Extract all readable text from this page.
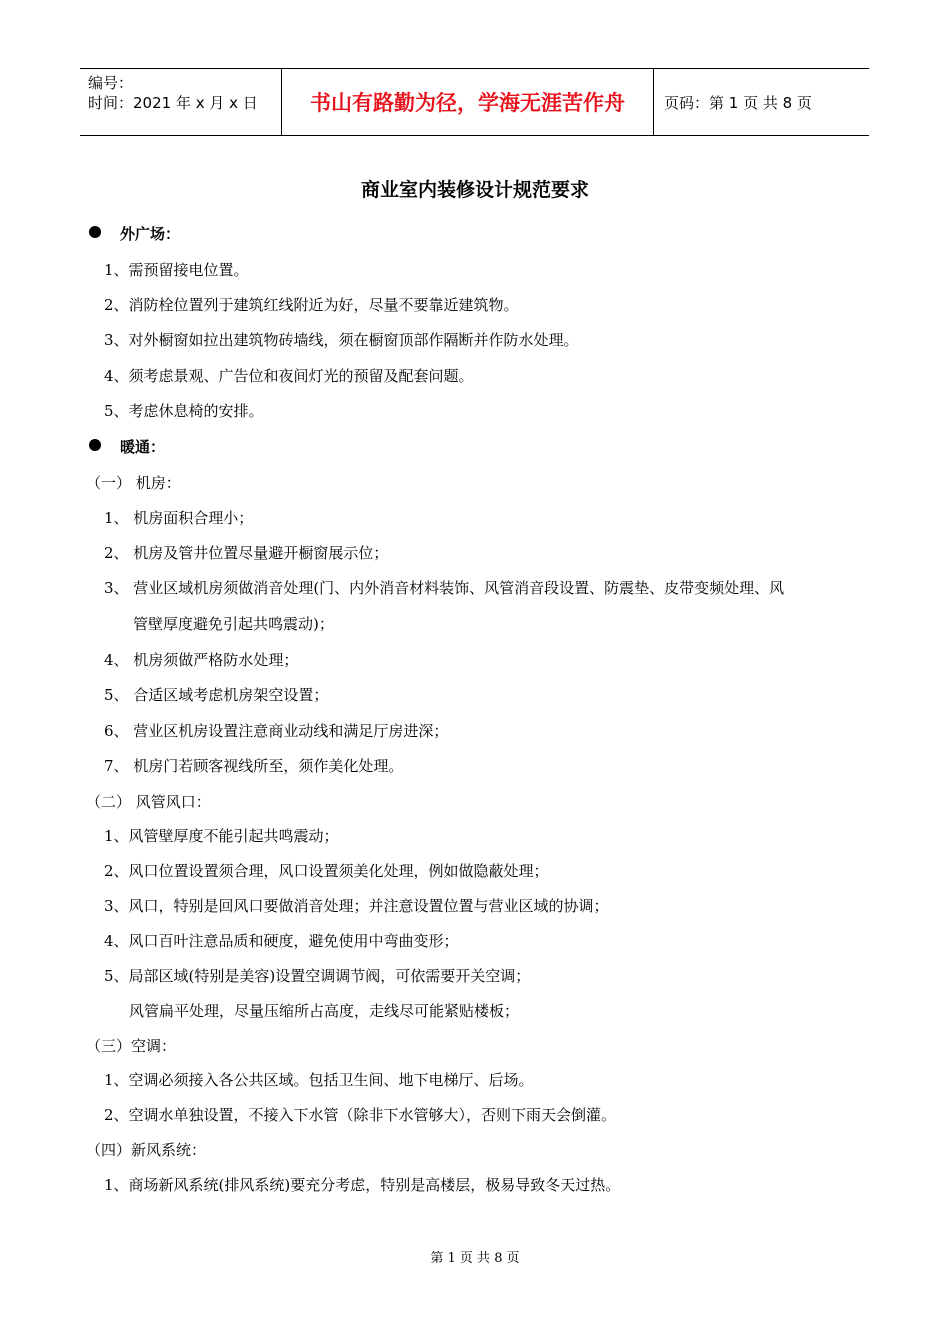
编号：
时间：2021 年 x 月 x 日	书山有路勤为径，学海无涯苦作舟	页码：第 1 页 共 8 页
商业室内装修设计规范要求
外广场：
1、需预留接电位置。
2、消防栓位置列于建筑红线附近为好，尽量不要靠近建筑物。
3、对外橱窗如拉出建筑物砖墙线，须在橱窗顶部作隔断并作防水处理。
4、须考虑景观、广告位和夜间灯光的预留及配套问题。
5、考虑休息椅的安排。
暖通：
（一） 机房：
1、 机房面积合理小；
2、 机房及管井位置尽量避开橱窗展示位；
3、 营业区域机房须做消音处理(门、内外消音材料装饰、风管消音段设置、防震垫、皮带变频处理、风
管壁厚度避免引起共鸣震动)；
4、 机房须做严格防水处理；
5、 合适区域考虑机房架空设置；
6、 营业区机房设置注意商业动线和满足厅房进深；
7、 机房门若顾客视线所至，须作美化处理。
（二） 风管风口：
1、风管壁厚度不能引起共鸣震动；
2、风口位置设置须合理，风口设置须美化处理，例如做隐蔽处理；
3、风口，特别是回风口要做消音处理；并注意设置位置与营业区域的协调；
4、风口百叶注意品质和硬度，避免使用中弯曲变形；
5、局部区域(特别是美容)设置空调调节阀，可依需要开关空调；
风管扁平处理，尽量压缩所占高度，走线尽可能紧贴楼板；
（三）空调：
1、空调必须接入各公共区域。包括卫生间、地下电梯厅、后场。
2、空调水单独设置，不接入下水管（除非下水管够大），否则下雨天会倒灌。
（四）新风系统：
1、商场新风系统(排风系统)要充分考虑，特别是高楼层，极易导致冬天过热。
第 1 页 共 8 页
